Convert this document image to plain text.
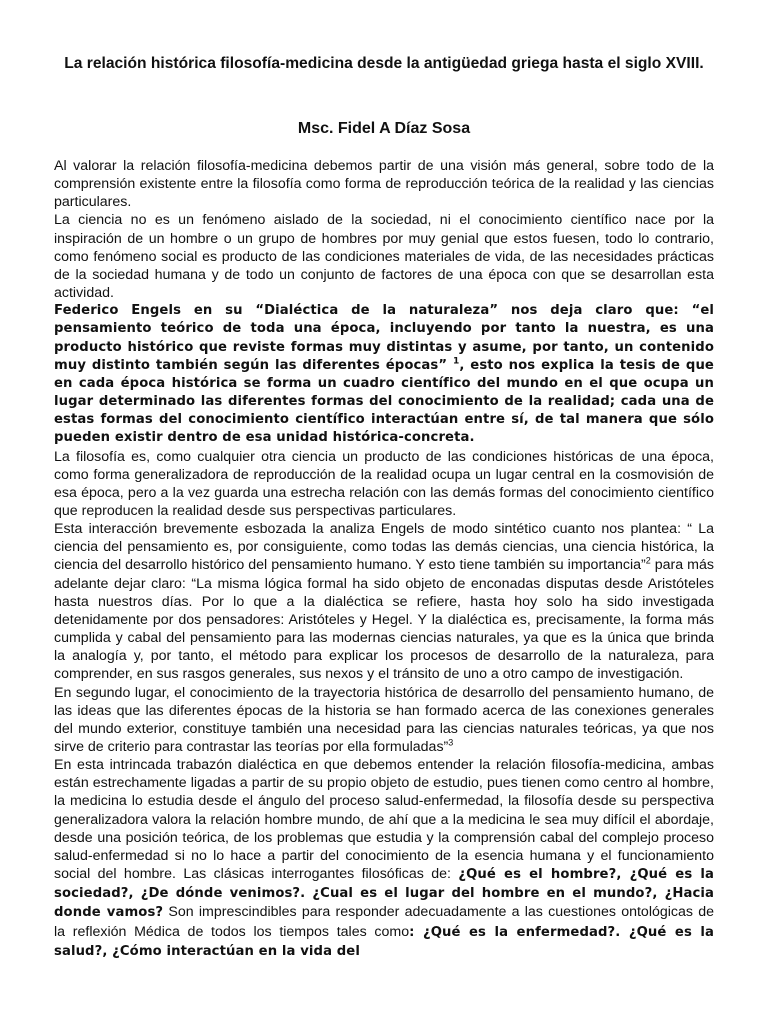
La relación histórica filosofía-medicina desde la antigüedad griega hasta el siglo XVIII.
Msc. Fidel A Díaz Sosa

Al valorar la relación filosofía-medicina debemos partir de una visión más general, sobre todo de la comprensión existente entre la filosofía como forma de reproducción teórica de la realidad y las ciencias particulares.

La ciencia no es un fenómeno aislado de la sociedad, ni el conocimiento científico nace por la inspiración de un hombre o un grupo de hombres por muy genial que estos fuesen, todo lo contrario, como fenómeno social es producto de las condiciones materiales de vida, de las necesidades prácticas de la sociedad humana y de todo un conjunto de factores de una época con que se desarrollan esta actividad.

Federico Engels en su “Dialéctica de la naturaleza” nos deja claro que: “el pensamiento teórico de toda una época, incluyendo por tanto la nuestra, es una producto histórico que reviste formas muy distintas y asume, por tanto, un contenido muy distinto también según las diferentes épocas” $^1$, esto nos explica la tesis de que en cada época histórica se forma un cuadro científico del mundo en el que ocupa un lugar determinado las diferentes formas del conocimiento de la realidad; cada una de estas formas del conocimiento científico interactúan entre sí, de tal manera que sólo pueden existir dentro de esa unidad histórica-concreta.

La filosofía es, como cualquier otra ciencia un producto de las condiciones históricas de una época, como forma generalizadora de reproducción de la realidad ocupa un lugar central en la cosmovisión de esa época, pero a la vez guarda una estrecha relación con las demás formas del conocimiento científico que reproducen la realidad desde sus perspectivas particulares.

Esta interacción brevemente esbozada la analiza Engels de modo sintético cuanto nos plantea: “ La ciencia del pensamiento es, por consiguiente, como todas las demás ciencias, una ciencia histórica, la ciencia del desarrollo histórico del pensamiento humano. Y esto tiene también su importancia”$^2$ para más adelante dejar claro: “La misma lógica formal ha sido objeto de enconadas disputas desde Aristóteles hasta nuestros días. Por lo que a la dialéctica se refiere, hasta hoy solo ha sido investigada detenidamente por dos pensadores: Aristóteles y Hegel. Y la dialéctica es, precisamente, la forma más cumplida y cabal del pensamiento para las modernas ciencias naturales, ya que es la única que brinda la analogía y, por tanto, el método para explicar los procesos de desarrollo de la naturaleza, para comprender, en sus rasgos generales, sus nexos y el tránsito de uno a otro campo de investigación.

En segundo lugar, el conocimiento de la trayectoria histórica de desarrollo del pensamiento humano, de las ideas que las diferentes épocas de la historia se han formado acerca de las conexiones generales del mundo exterior, constituye también una necesidad para las ciencias naturales teóricas, ya que nos sirve de criterio para contrastar las teorías por ella formuladas”$^3$

En esta intrincada trabazón dialéctica en que debemos entender la relación filosofía-medicina, ambas están estrechamente ligadas a partir de su propio objeto de estudio, pues tienen como centro al hombre, la medicina lo estudia desde el ángulo del proceso salud-enfermedad, la filosofía desde su perspectiva generalizadora valora la relación hombre mundo, de ahí que a la medicina le sea muy difícil el abordaje, desde una posición teórica, de los problemas que estudia y la comprensión cabal del complejo proceso salud-enfermedad si no lo hace a partir del conocimiento de la esencia humana y el funcionamiento social del hombre. Las clásicas interrogantes filosóficas de: ¿Qué es el hombre?, ¿Qué es la sociedad?, ¿De dónde venimos?. ¿Cual es el lugar del hombre en el mundo?, ¿Hacia donde vamos? Son imprescindibles para responder adecuadamente a las cuestiones ontológicas de la reflexión Médica de todos los tiempos tales como: ¿Qué es la enfermedad?. ¿Qué es la salud?, ¿Cómo interactúan en la vida del
